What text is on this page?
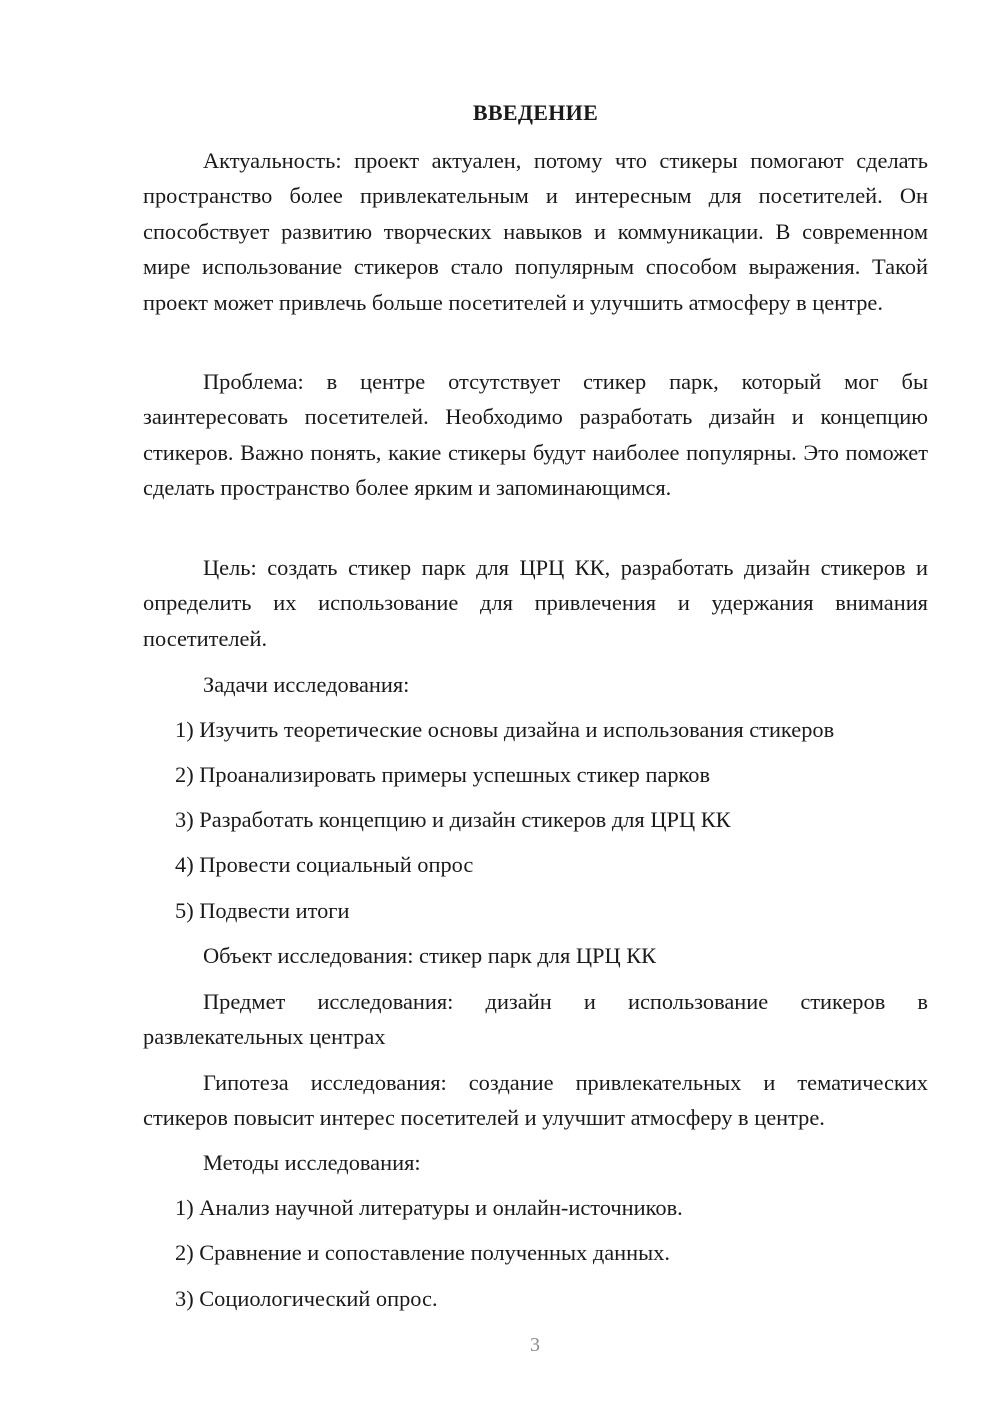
ВВЕДЕНИЕ

Актуальность: проект актуален, потому что стикеры помогают сделать пространство более привлекательным и интересным для посетителей. Он способствует развитию творческих навыков и коммуникации. В современном мире использование стикеров стало популярным способом выражения. Такой проект может привлечь больше посетителей и улучшить атмосферу в центре.

Проблема: в центре отсутствует стикер парк, который мог бы заинтересовать посетителей. Необходимо разработать дизайн и концепцию стикеров. Важно понять, какие стикеры будут наиболее популярны. Это поможет сделать пространство более ярким и запоминающимся.

Цель: создать стикер парк для ЦРЦ КК, разработать дизайн стикеров и определить их использование для привлечения и удержания внимания посетителей.

Задачи исследования:

1) Изучить теоретические основы дизайна и использования стикеров

2) Проанализировать примеры успешных стикер парков

3) Разработать концепцию и дизайн стикеров для ЦРЦ КК

4) Провести социальный опрос

5) Подвести итоги

Объект исследования: стикер парк для ЦРЦ КК

Предмет исследования: дизайн и использование стикеров в развлекательных центрах

Гипотеза исследования: создание привлекательных и тематических стикеров повысит интерес посетителей и улучшит атмосферу в центре.

Методы исследования:

1) Анализ научной литературы и онлайн-источников.

2) Сравнение и сопоставление полученных данных.

3) Социологический опрос.

3
